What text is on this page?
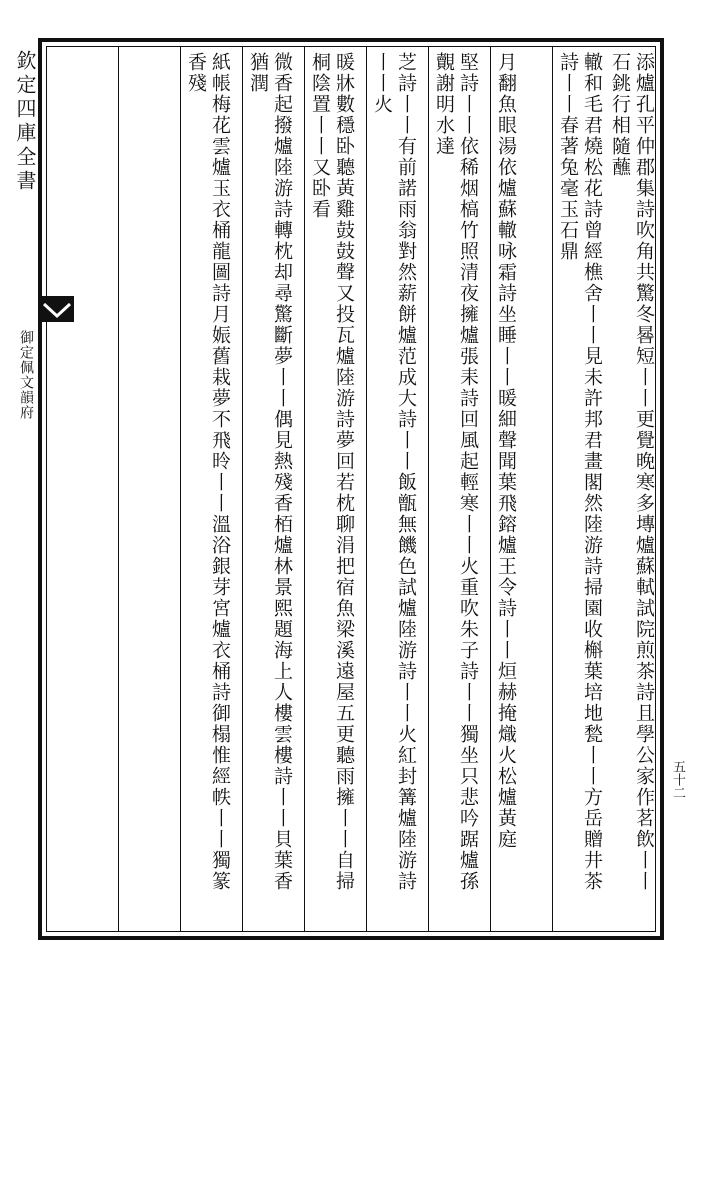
欽定四庫全書
御定佩文韻府
五十二
添爐孔平仲郡集詩吹角共驚冬晷短丨丨更覺晚寒多塼爐蘇軾試院煎茶詩且學公家作茗飲丨丨石銚行相隨蘸
轍和毛君燒松花詩曾經樵舍丨丨見未許邦君畫閣然陸游詩掃園收槲葉培地甃丨丨方岳贈井茶詩丨丨春著兔毫玉石鼎
月翻魚眼湯依爐蘇轍咏霜詩坐睡丨丨暖細聲聞葉飛鎔爐王令詩丨丨烜赫掩熾火松爐黃庭
堅詩丨丨依稀烟槁竹照清夜擁爐張耒詩回風起輕寒丨丨火重吹朱子詩丨丨獨坐只悲吟踞爐孫覿謝明水達
芝詩丨丨有前諾雨翁對然薪餅爐范成大詩丨丨飯甑無饑色試爐陸游詩丨丨火紅封篝爐陸游詩丨丨火
暖牀數穩卧聽黃雞鼓鼓聲又投瓦爐陸游詩夢回若枕聊涓把宿魚梁溪遠屋五更聽雨擁丨丨自掃桐陰置丨丨又卧看
微香起撥爐陸游詩轉枕却尋驚斷夢丨丨偶見熱殘香栢爐林景熙題海上人樓雲樓詩丨丨貝葉香猶潤
紙帳梅花雲爐玉衣桶龍圖詩月娠舊栽夢不飛昤丨丨溫浴銀芽宮爐衣桶詩御榻惟經帙丨丨獨篆香殘
